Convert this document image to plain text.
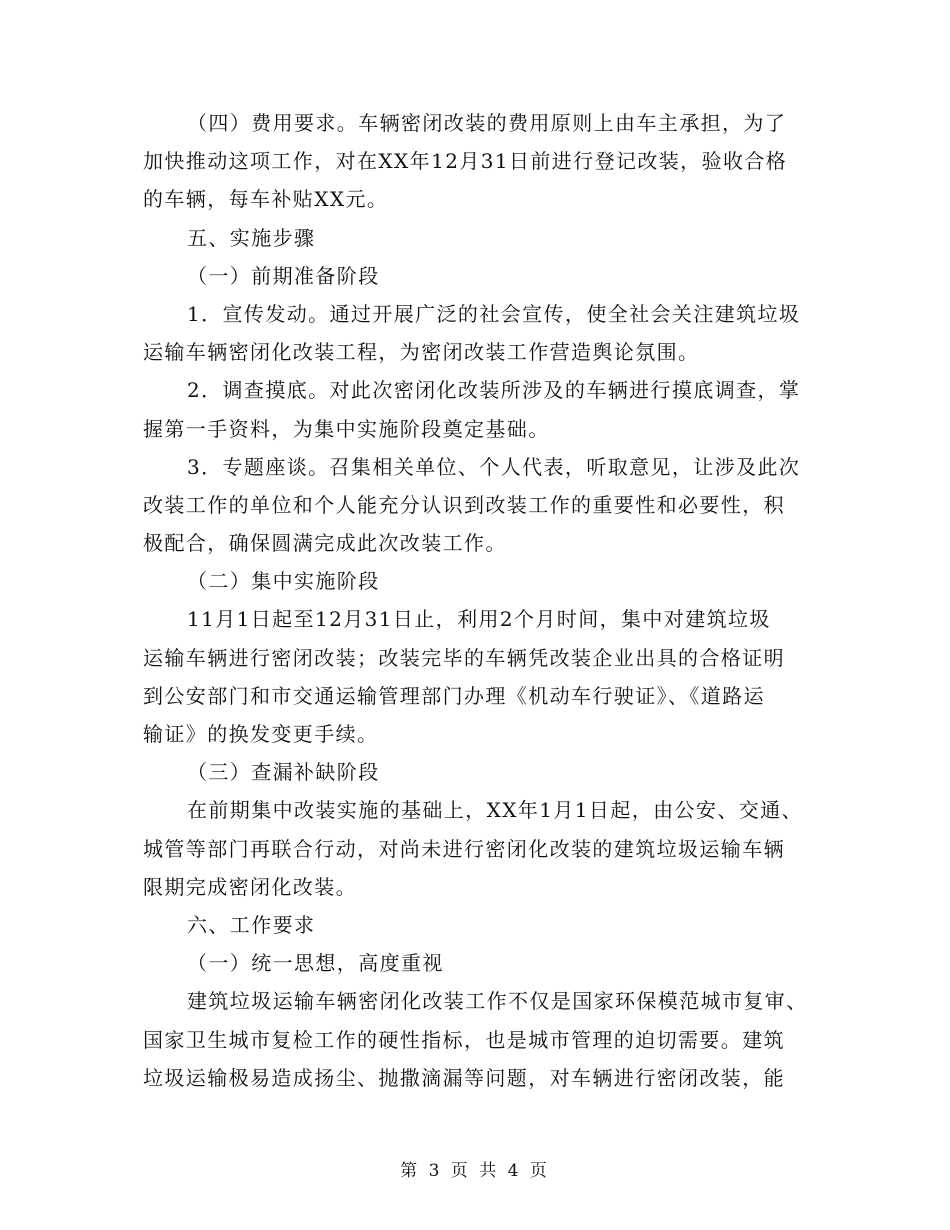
（四）费用要求。车辆密闭改装的费用原则上由车主承担，为了
加快推动这项工作，对在XX年12月31日前进行登记改装，验收合格
的车辆，每车补贴XX元。
五、实施步骤
（一）前期准备阶段
1．宣传发动。通过开展广泛的社会宣传，使全社会关注建筑垃圾
运输车辆密闭化改装工程，为密闭改装工作营造舆论氛围。
2．调查摸底。对此次密闭化改装所涉及的车辆进行摸底调查，掌
握第一手资料，为集中实施阶段奠定基础。
3．专题座谈。召集相关单位、个人代表，听取意见，让涉及此次
改装工作的单位和个人能充分认识到改装工作的重要性和必要性，积
极配合，确保圆满完成此次改装工作。
（二）集中实施阶段
11月1日起至12月31日止，利用2个月时间，集中对建筑垃圾
运输车辆进行密闭改装；改装完毕的车辆凭改装企业出具的合格证明
到公安部门和市交通运输管理部门办理《机动车行驶证》、《道路运
输证》的换发变更手续。
（三）查漏补缺阶段
在前期集中改装实施的基础上，XX年1月1日起，由公安、交通、
城管等部门再联合行动，对尚未进行密闭化改装的建筑垃圾运输车辆
限期完成密闭化改装。
六、工作要求
（一）统一思想，高度重视
建筑垃圾运输车辆密闭化改装工作不仅是国家环保模范城市复审、
国家卫生城市复检工作的硬性指标，也是城市管理的迫切需要。建筑
垃圾运输极易造成扬尘、抛撒滴漏等问题，对车辆进行密闭改装，能
第 3 页 共 4 页
